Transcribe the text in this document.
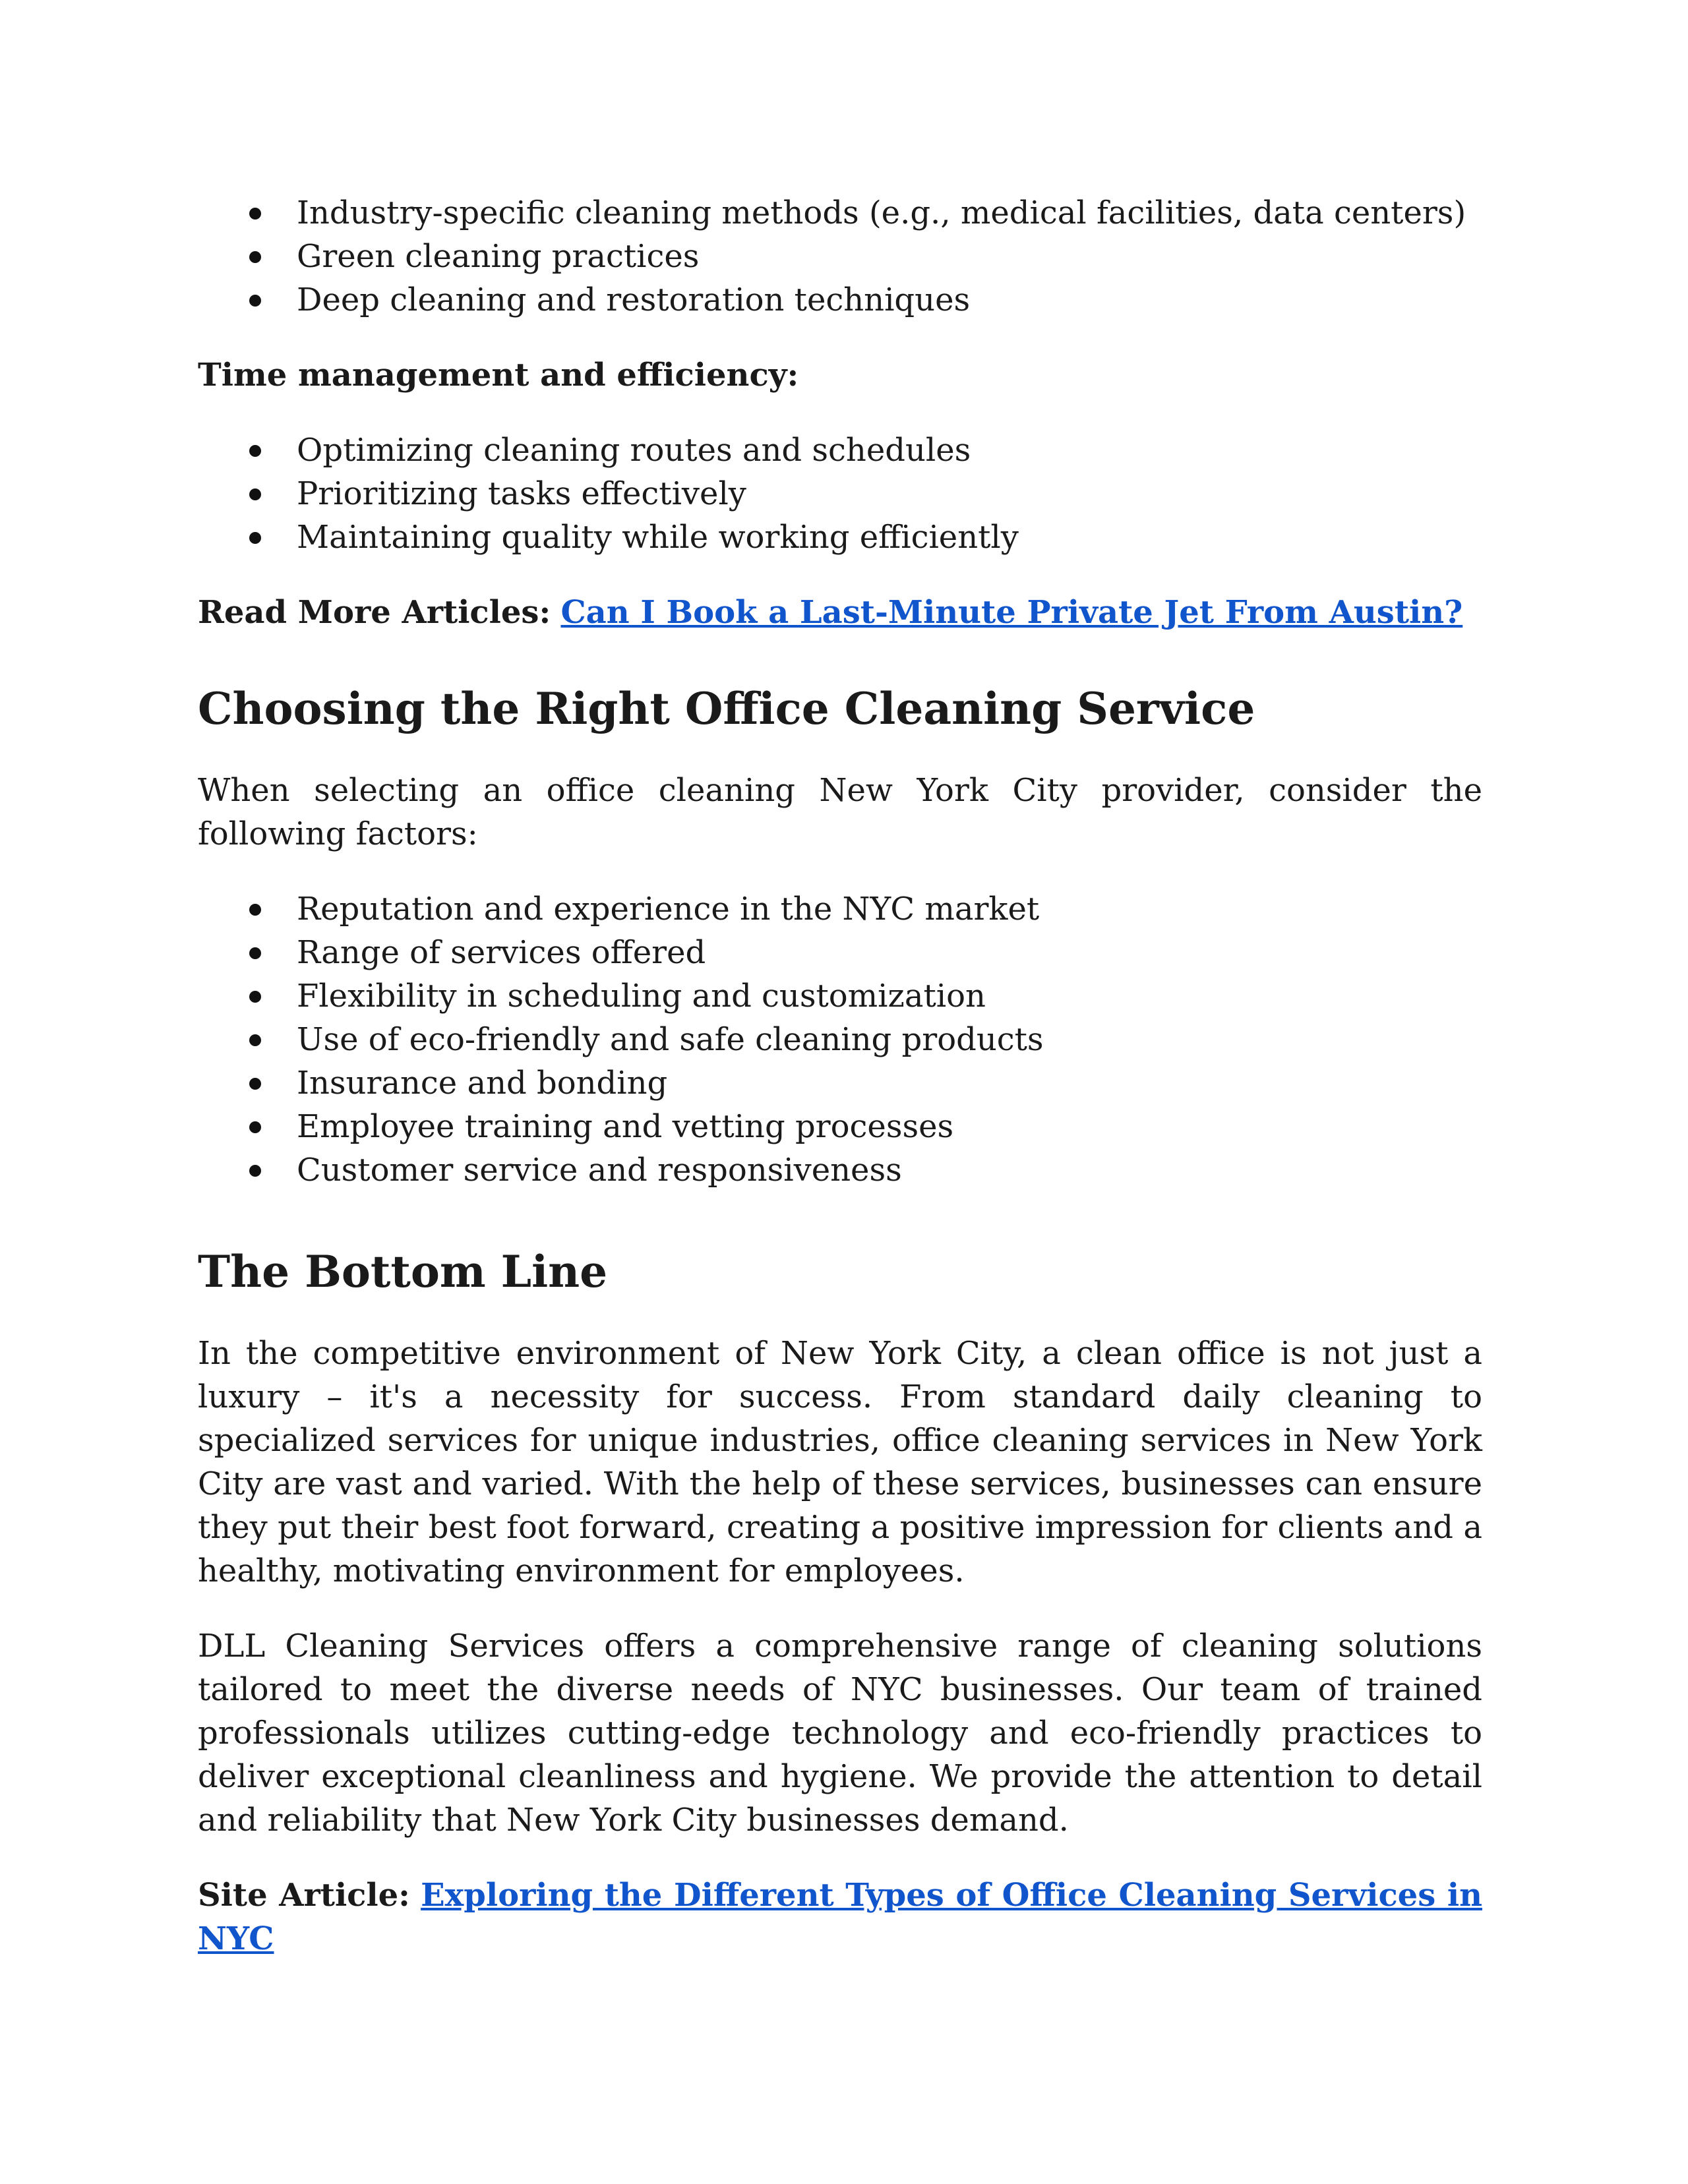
Industry-specific cleaning methods (e.g., medical facilities, data centers)
Green cleaning practices
Deep cleaning and restoration techniques
Time management and efficiency:
Optimizing cleaning routes and schedules
Prioritizing tasks effectively
Maintaining quality while working efficiently
Read More Articles: Can I Book a Last-Minute Private Jet From Austin?
Choosing the Right Office Cleaning Service

When selecting an office cleaning New York City provider, consider the following factors:

Reputation and experience in the NYC market
Range of services offered
Flexibility in scheduling and customization
Use of eco-friendly and safe cleaning products
Insurance and bonding
Employee training and vetting processes
Customer service and responsiveness
The Bottom Line

In the competitive environment of New York City, a clean office is not just a luxury – it's a necessity for success. From standard daily cleaning to specialized services for unique industries, office cleaning services in New York City are vast and varied. With the help of these services, businesses can ensure they put their best foot forward, creating a positive impression for clients and a healthy, motivating environment for employees.

DLL Cleaning Services offers a comprehensive range of cleaning solutions tailored to meet the diverse needs of NYC businesses. Our team of trained professionals utilizes cutting-edge technology and eco-friendly practices to deliver exceptional cleanliness and hygiene. We provide the attention to detail and reliability that New York City businesses demand.

Site Article: Exploring the Different Types of Office Cleaning Services in NYC
